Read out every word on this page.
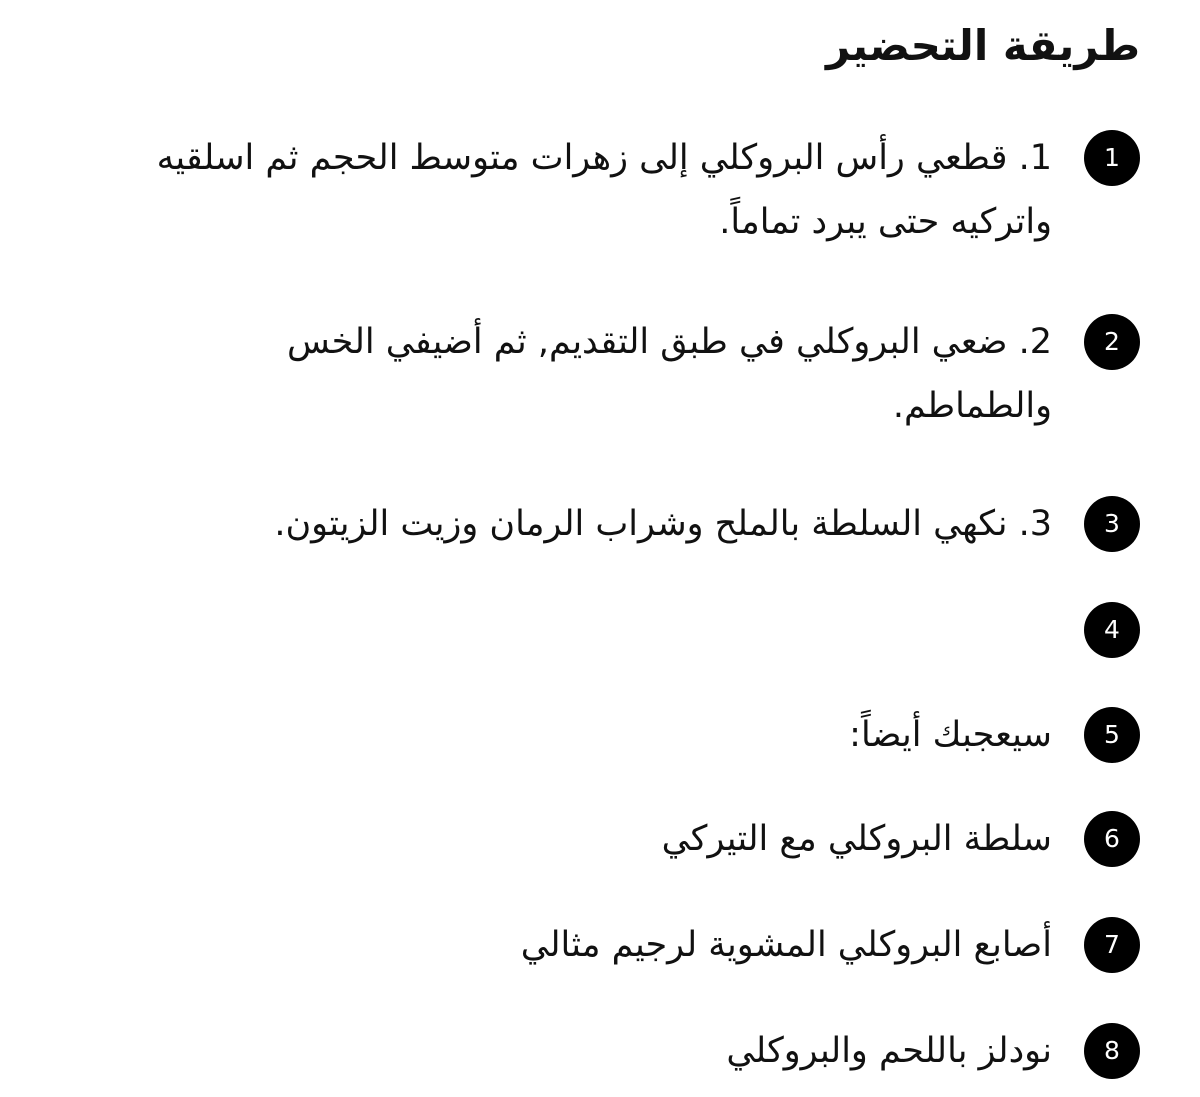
طريقة التحضير
1

1. قطعي رأس البروكلي إلى زهرات متوسط الحجم ثم اسلقيه واتركيه حتى يبرد تماماً.

2

2. ضعي البروكلي في طبق التقديم, ثم أضيفي الخس والطماطم.

3

3. نكهي السلطة بالملح وشراب الرمان وزيت الزيتون.

4

5

سيعجبك أيضاً:

6

سلطة البروكلي مع التيركي

7

أصابع البروكلي المشوية لرجيم مثالي

8

نودلز باللحم والبروكلي
